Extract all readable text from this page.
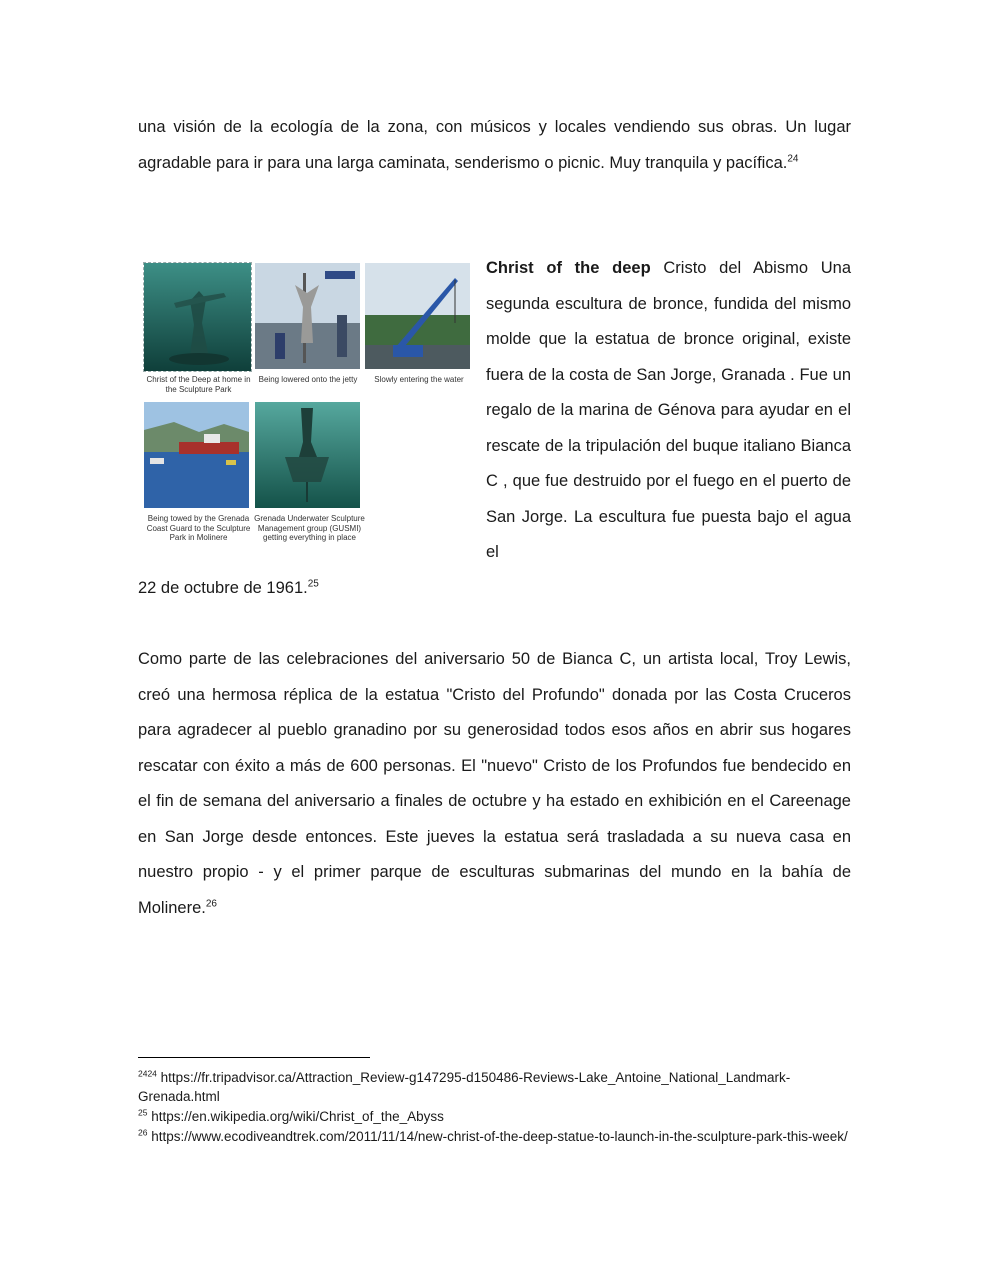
una visión de la ecología de la zona, con músicos y locales vendiendo sus obras. Un lugar agradable para ir para una larga caminata, senderismo o picnic. Muy tranquila y pacífica.$^{24}$
Christ of the Deep at home in the Sculpture Park
Being lowered onto the jetty	Slowly entering the water
Being towed by the Grenada Coast Guard to the Sculpture Park in Molinere
Grenada Underwater Sculpture Management group (GUSMI) getting everything in place
Christ of the deep Cristo del Abismo Una segunda escultura de bronce, fundida del mismo molde que la estatua de bronce original, existe fuera de la costa de San Jorge, Granada . Fue un regalo de la marina de Génova para ayudar en el rescate de la tripulación del buque italiano Bianca C , que fue destruido por el fuego en el puerto de San Jorge. La escultura fue puesta bajo el agua el
22 de octubre de 1961.25
Como parte de las celebraciones del aniversario 50 de Bianca C, un artista local, Troy Lewis, creó una hermosa réplica de la estatua "Cristo del Profundo" donada por las Costa Cruceros para agradecer al pueblo granadino por su generosidad todos esos años en abrir sus hogares rescatar con éxito a más de 600 personas. El "nuevo" Cristo de los Profundos fue bendecido en el fin de semana del aniversario a finales de octubre y ha estado en exhibición en el Careenage en San Jorge desde entonces. Este jueves la estatua será trasladada a su nueva casa en nuestro propio - y el primer parque de esculturas submarinas del mundo en la bahía de Molinere.$^{26}$
$^{2424}$ https://fr.tripadvisor.ca/Attraction_Review-g147295-d150486-Reviews-Lake_Antoine_National_Landmark-Grenada.html
$^{25}$ https://en.wikipedia.org/wiki/Christ_of_the_Abyss
$^{26}$ https://www.ecodiveandtrek.com/2011/11/14/new-christ-of-the-deep-statue-to-launch-in-the-sculpture-park-this-week/
